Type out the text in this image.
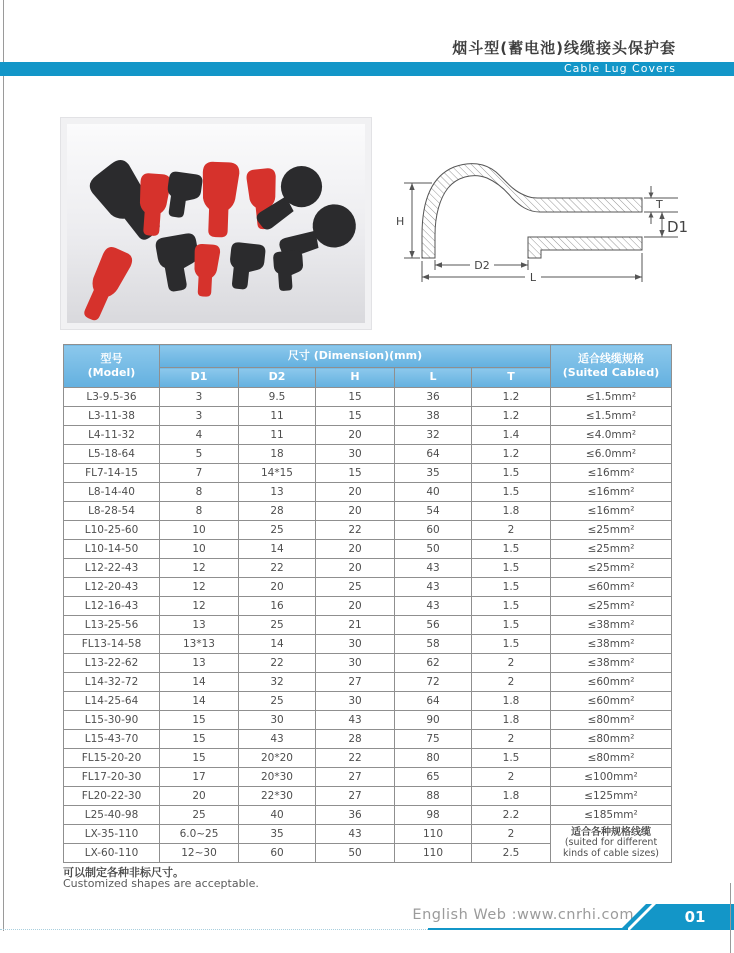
烟斗型(蓄电池)线缆接头保护套
Cable Lug Covers
H
T
D1
D2
L
型号
(Model)	尺寸 (Dimension)(mm)					适合线缆规格
(Suited Cabled)

	D1	D2	H	L	T	
L3-9.5-36	3	9.5	15	36	1.2	≤1.5mm²
L3-11-38	3	11	15	38	1.2	≤1.5mm²
L4-11-32	4	11	20	32	1.4	≤4.0mm²
L5-18-64	5	18	30	64	1.2	≤6.0mm²
FL7-14-15	7	14*15	15	35	1.5	≤16mm²
L8-14-40	8	13	20	40	1.5	≤16mm²
L8-28-54	8	28	20	54	1.8	≤16mm²
L10-25-60	10	25	22	60	2	≤25mm²
L10-14-50	10	14	20	50	1.5	≤25mm²
L12-22-43	12	22	20	43	1.5	≤25mm²
L12-20-43	12	20	25	43	1.5	≤60mm²
L12-16-43	12	16	20	43	1.5	≤25mm²
L13-25-56	13	25	21	56	1.5	≤38mm²
FL13-14-58	13*13	14	30	58	1.5	≤38mm²
L13-22-62	13	22	30	62	2	≤38mm²
L14-32-72	14	32	27	72	2	≤60mm²
L14-25-64	14	25	30	64	1.8	≤60mm²
L15-30-90	15	30	43	90	1.8	≤80mm²
L15-43-70	15	43	28	75	2	≤80mm²
FL15-20-20	15	20*20	22	80	1.5	≤80mm²
FL17-20-30	17	20*30	27	65	2	≤100mm²
FL20-22-30	20	22*30	27	88	1.8	≤125mm²
L25-40-98	25	40	36	98	2.2	≤185mm²
LX-35-110	6.0~25	35	43	110	2	适合各种规格线缆
(suited for different
kinds of cable sizes)

LX-60-110	12~30	60	50	110	2.5	
可以制定各种非标尺寸。
Customized shapes are acceptable.
English Web :www.cnrhi.com	01
